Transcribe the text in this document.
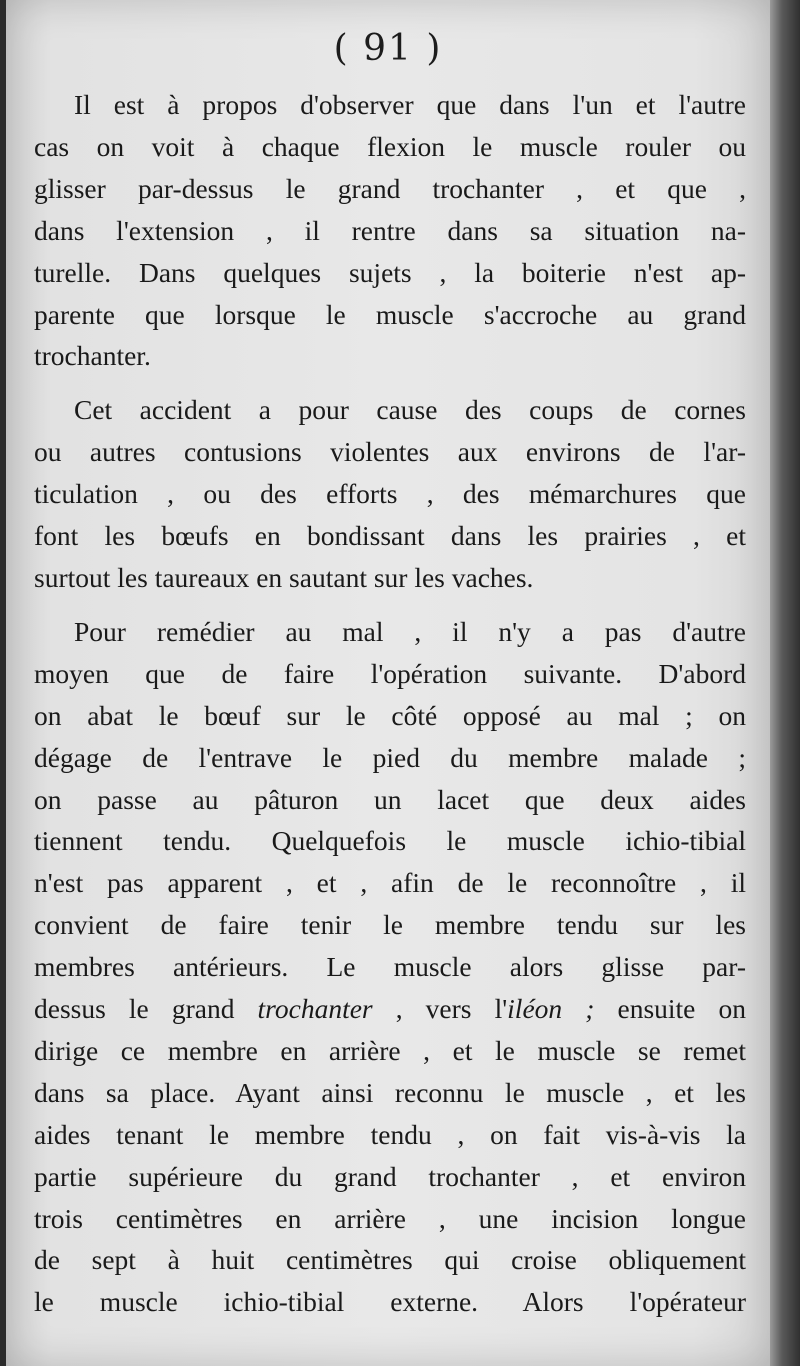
( 91 )
Il est à propos d'observer que dans l'un et l'autre
cas on voit à chaque flexion le muscle rouler ou
glisser par-dessus le grand trochanter , et que ,
dans l'extension , il rentre dans sa situation na-
turelle. Dans quelques sujets , la boiterie n'est ap-
parente que lorsque le muscle s'accroche au grand
trochanter.
Cet accident a pour cause des coups de cornes
ou autres contusions violentes aux environs de l'ar-
ticulation , ou des efforts , des mémarchures que
font les bœufs en bondissant dans les prairies , et
surtout les taureaux en sautant sur les vaches.
Pour remédier au mal , il n'y a pas d'autre
moyen que de faire l'opération suivante. D'abord
on abat le bœuf sur le côté opposé au mal ; on
dégage de l'entrave le pied du membre malade ;
on passe au pâturon un lacet que deux aides
tiennent tendu. Quelquefois le muscle ichio-tibial
n'est pas apparent , et , afin de le reconnoître , il
convient de faire tenir le membre tendu sur les
membres antérieurs. Le muscle alors glisse par-
dessus le grand trochanter , vers l'iléon ; ensuite on
dirige ce membre en arrière , et le muscle se remet
dans sa place. Ayant ainsi reconnu le muscle , et les
aides tenant le membre tendu , on fait vis-à-vis la
partie supérieure du grand trochanter , et environ
trois centimètres en arrière , une incision longue
de sept à huit centimètres qui croise obliquement
le muscle ichio-tibial externe. Alors l'opérateur
